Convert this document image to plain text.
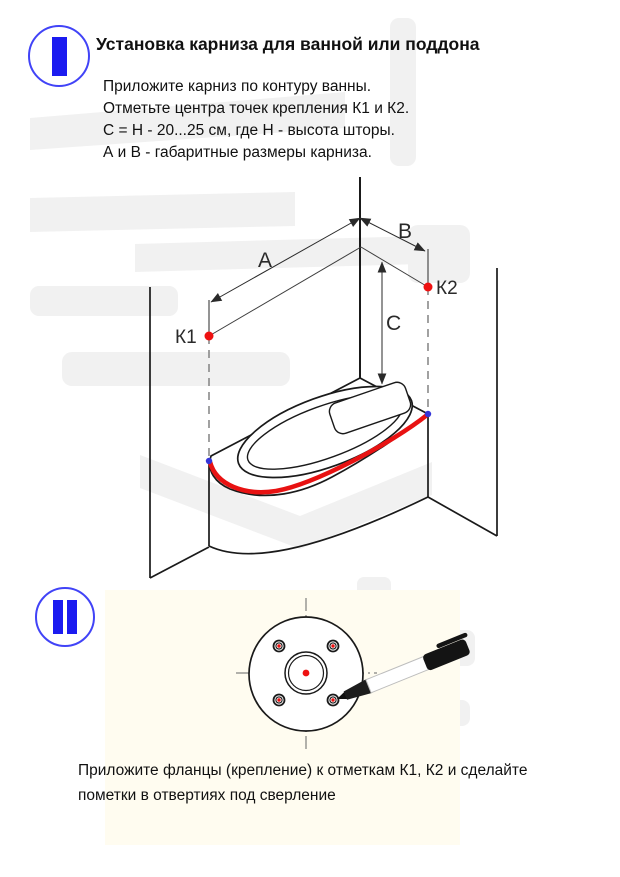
Установка карниза для ванной или поддона
Приложите карниз по контуру ванны.
Отметьте центра точек крепления К1 и К2.
С = Н - 20...25 см, где Н - высота шторы.
А и В - габаритные размеры карниза.
A
B
C
К1
К2
Приложите фланцы (крепление) к отметкам К1, К2 и сделайте
пометки в отвертиях под сверление
